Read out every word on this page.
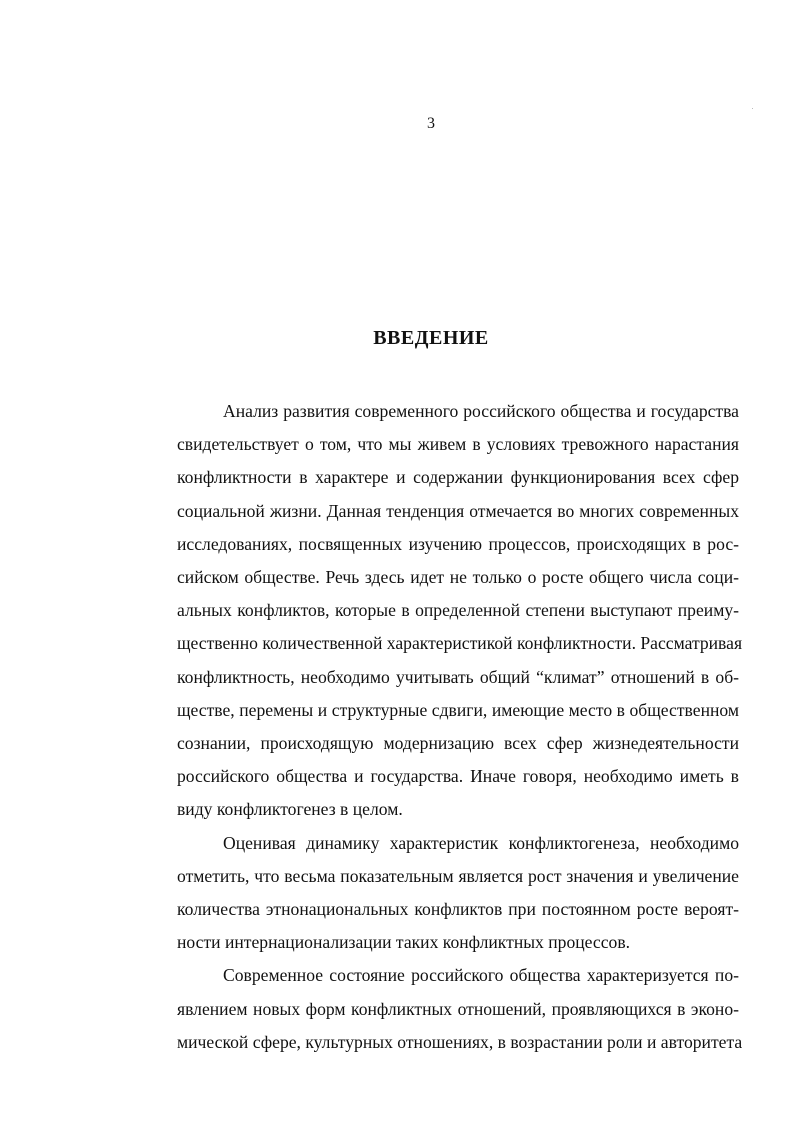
3
ВВЕДЕНИЕ
Анализ развития современного российского общества и государства
свидетельствует о том, что мы живем в условиях тревожного нарастания
конфликтности в характере и содержании функционирования всех сфер
социальной жизни. Данная тенденция отмечается во многих современных
исследованиях, посвященных изучению процессов, происходящих в рос-
сийском обществе. Речь здесь идет не только о росте общего числа соци-
альных конфликтов, которые в определенной степени выступают преиму-
щественно количественной характеристикой конфликтности. Рассматривая
конфликтность, необходимо учитывать общий “климат” отношений в об-
ществе, перемены и структурные сдвиги, имеющие место в общественном
сознании, происходящую модернизацию всех сфер жизнедеятельности
российского общества и государства. Иначе говоря, необходимо иметь в
виду конфликтогенез в целом.
Оценивая динамику характеристик конфликтогенеза, необходимо
отметить, что весьма показательным является рост значения и увеличение
количества этнонациональных конфликтов при постоянном росте вероят-
ности интернационализации таких конфликтных процессов.
Современное состояние российского общества характеризуется по-
явлением новых форм конфликтных отношений, проявляющихся в эконо-
мической сфере, культурных отношениях, в возрастании роли и авторитета
